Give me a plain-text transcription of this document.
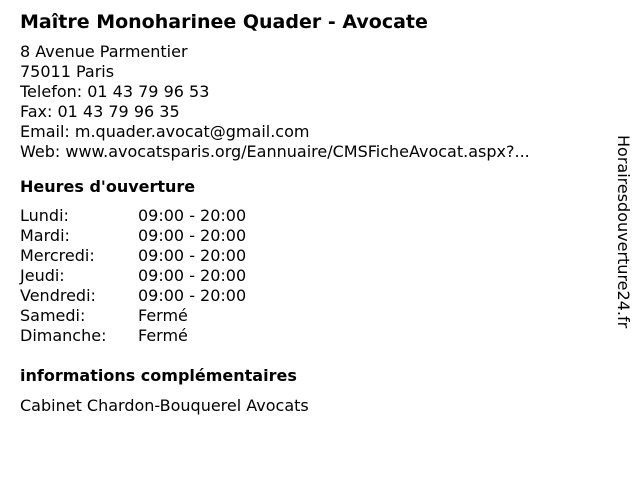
Maître Monoharinee Quader - Avocate
8 Avenue Parmentier
75011 Paris
Telefon: 01 43 79 96 53
Fax: 01 43 79 96 35
Email: m.quader.avocat@gmail.com
Web: www.avocatsparis.org/Eannuaire/CMSFicheAvocat.aspx?...
Heures d'ouverture
Lundi:	09:00 - 20:00
Mardi:	09:00 - 20:00
Mercredi:	09:00 - 20:00
Jeudi:	09:00 - 20:00
Vendredi:	09:00 - 20:00
Samedi:	Fermé
Dimanche:	Fermé
informations complémentaires
Cabinet Chardon-Bouquerel Avocats
Horairesdouverture24.fr
